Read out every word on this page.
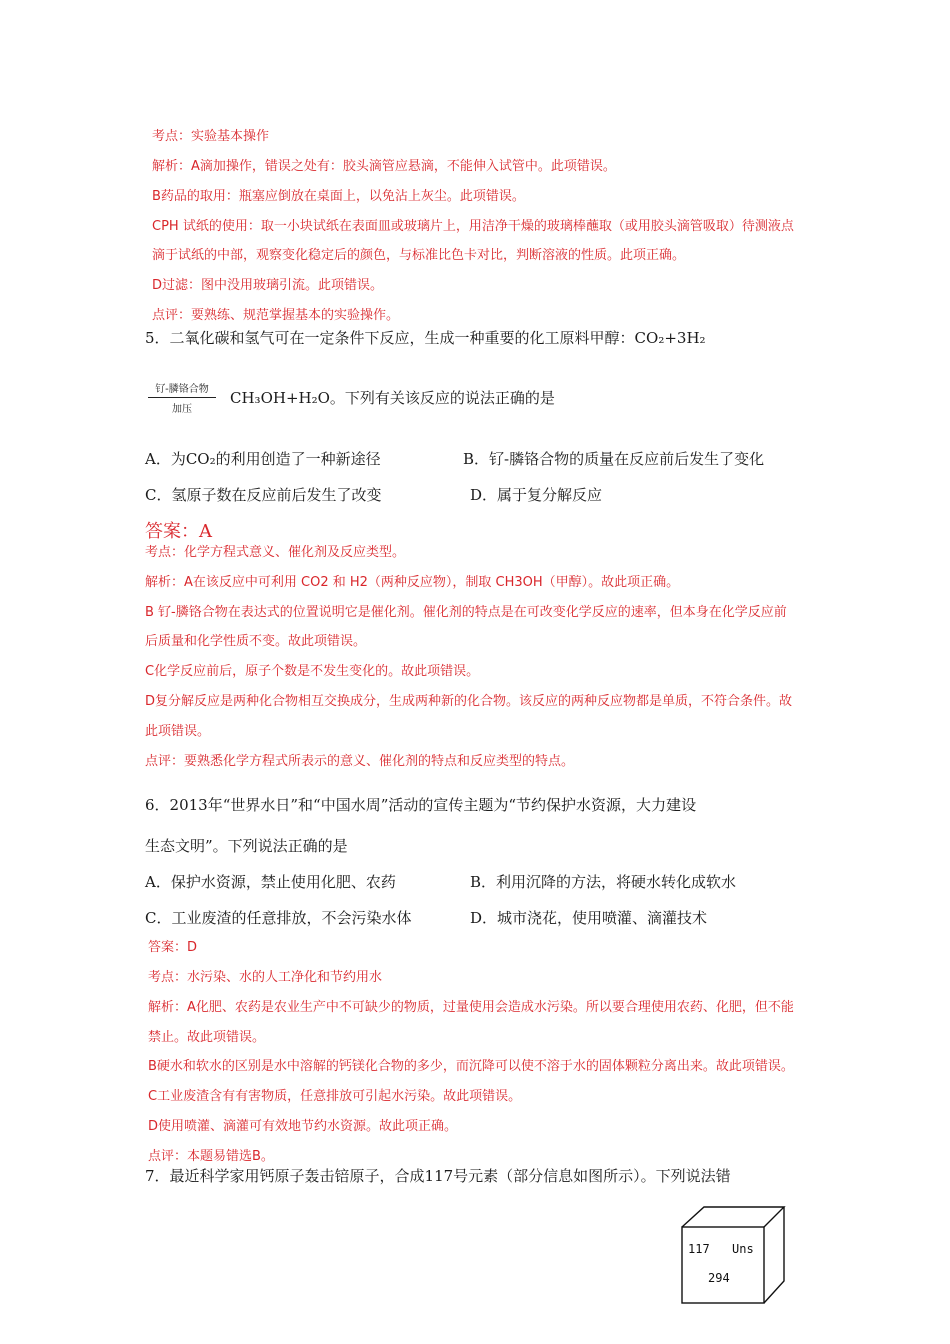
考点：实验基本操作
解析：A滴加操作，错误之处有：胶头滴管应悬滴，不能伸入试管中。此项错误。
B药品的取用：瓶塞应倒放在桌面上，以免沾上灰尘。此项错误。
CPH 试纸的使用：取一小块试纸在表面皿或玻璃片上，用洁净干燥的玻璃棒蘸取（或用胶头滴管吸取）待测液点
滴于试纸的中部，观察变化稳定后的颜色，与标准比色卡对比，判断溶液的性质。此项正确。
D过滤：图中没用玻璃引流。此项错误。
点评：要熟练、规范掌握基本的实验操作。
5．二氧化碳和氢气可在一定条件下反应，生成一种重要的化工原料甲醇：CO₂+3H₂
钌-膦铬合物
加压
CH₃OH+H₂O。下列有关该反应的说法正确的是
A．为CO₂的利用创造了一种新途径	B．钌-膦铬合物的质量在反应前后发生了变化
C．氢原子数在反应前后发生了改变	D．属于复分解反应
答案：A
考点：化学方程式意义、催化剂及反应类型。
解析：A在该反应中可利用 CO2 和 H2（两种反应物），制取 CH3OH（甲醇）。故此项正确。
B 钌-膦铬合物在表达式的位置说明它是催化剂。催化剂的特点是在可改变化学反应的速率，但本身在化学反应前
后质量和化学性质不变。故此项错误。
C化学反应前后，原子个数是不发生变化的。故此项错误。
D复分解反应是两种化合物相互交换成分，生成两种新的化合物。该反应的两种反应物都是单质，不符合条件。故
此项错误。
点评：要熟悉化学方程式所表示的意义、催化剂的特点和反应类型的特点。
6．2013年“世界水日”和“中国水周”活动的宣传主题为“节约保护水资源，大力建设
生态文明”。下列说法正确的是
A．保护水资源，禁止使用化肥、农药	B．利用沉降的方法，将硬水转化成软水
C．工业废渣的任意排放，不会污染水体	D．城市浇花，使用喷灌、滴灌技术
答案：D
考点：水污染、水的人工净化和节约用水
解析：A化肥、农药是农业生产中不可缺少的物质，过量使用会造成水污染。所以要合理使用农药、化肥，但不能
禁止。故此项错误。
B硬水和软水的区别是水中溶解的钙镁化合物的多少，而沉降可以使不溶于水的固体颗粒分离出来。故此项错误。
C工业废渣含有有害物质，任意排放可引起水污染。故此项错误。
D使用喷灌、滴灌可有效地节约水资源。故此项正确。
点评：本题易错选B。
7．最近科学家用钙原子轰击锫原子，合成117号元素（部分信息如图所示）。下列说法错
117 Uns
294
